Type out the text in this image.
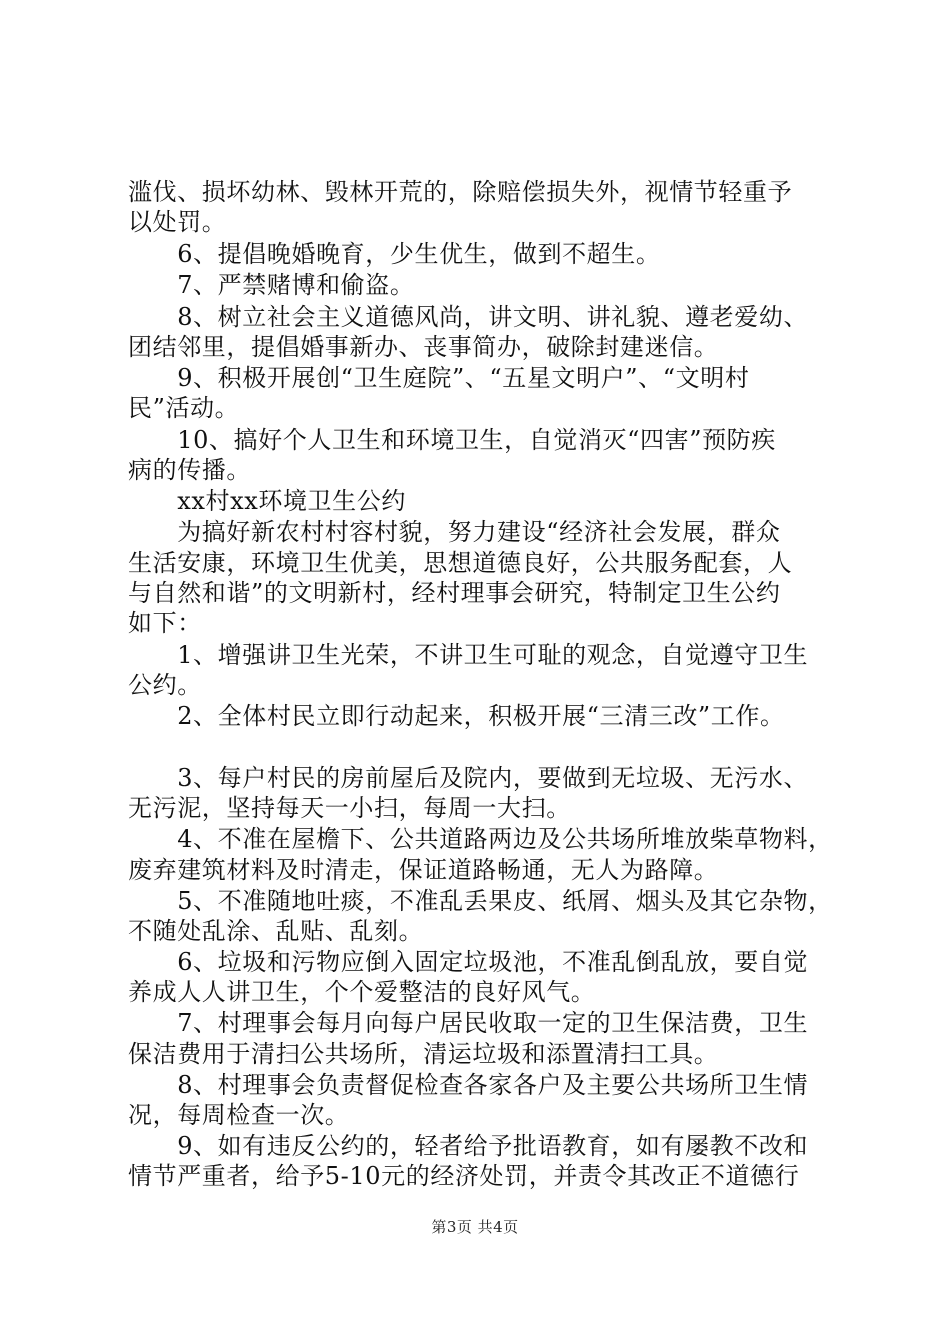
滥伐、损坏幼林、毁林开荒的，除赔偿损失外，视情节轻重予
以处罚。
　　6、提倡晚婚晚育，少生优生，做到不超生。
　　7、严禁赌博和偷盗。
　　8、树立社会主义道德风尚，讲文明、讲礼貌、遵老爱幼、
团结邻里，提倡婚事新办、丧事简办，破除封建迷信。
　　9、积极开展创“卫生庭院”、“五星文明户”、“文明村
民”活动。
　　10、搞好个人卫生和环境卫生，自觉消灭“四害”预防疾
病的传播。
　　xx村xx环境卫生公约
　　为搞好新农村村容村貌，努力建设“经济社会发展，群众
生活安康，环境卫生优美，思想道德良好，公共服务配套，人
与自然和谐”的文明新村，经村理事会研究，特制定卫生公约
如下：
　　1、增强讲卫生光荣，不讲卫生可耻的观念，自觉遵守卫生
公约。
　　2、全体村民立即行动起来，积极开展“三清三改”工作。
　　3、每户村民的房前屋后及院内，要做到无垃圾、无污水、
无污泥，坚持每天一小扫，每周一大扫。
　　4、不准在屋檐下、公共道路两边及公共场所堆放柴草物料，
废弃建筑材料及时清走，保证道路畅通，无人为路障。
　　5、不准随地吐痰，不准乱丢果皮、纸屑、烟头及其它杂物，
不随处乱涂、乱贴、乱刻。
　　6、垃圾和污物应倒入固定垃圾池，不准乱倒乱放，要自觉
养成人人讲卫生，个个爱整洁的良好风气。
　　7、村理事会每月向每户居民收取一定的卫生保洁费，卫生
保洁费用于清扫公共场所，清运垃圾和添置清扫工具。
　　8、村理事会负责督促检查各家各户及主要公共场所卫生情
况，每周检查一次。
　　9、如有违反公约的，轻者给予批语教育，如有屡教不改和
情节严重者，给予5-10元的经济处罚，并责令其改正不道德行
第3页 共4页
